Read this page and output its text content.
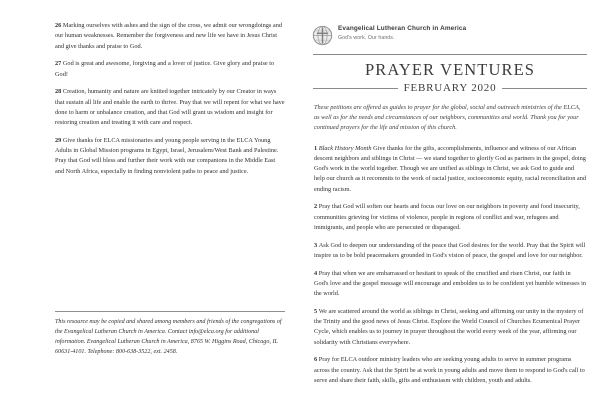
26 Marking ourselves with ashes and the sign of the cross, we admit our wrongdoings and our human weaknesses. Remember the forgiveness and new life we have in Jesus Christ and give thanks and praise to God.
27 God is great and awesome, forgiving and a lover of justice. Give glory and praise to God!
28 Creation, humanity and nature are knitted together intricately by our Creator in ways that sustain all life and enable the earth to thrive. Pray that we will repent for what we have done to harm or unbalance creation, and that God will grant us wisdom and insight for restoring creation and treating it with care and respect.
29 Give thanks for ELCA missionaries and young people serving in the ELCA Young Adults in Global Mission programs in Egypt, Israel, Jerusalem/West Bank and Palestine. Pray that God will bless and further their work with our companions in the Middle East and North Africa, especially in finding nonviolent paths to peace and justice.
This resource may be copied and shared among members and friends of the congregations of the Evangelical Lutheran Church in America. Contact info@elca.org for additional information. Evangelical Lutheran Church in America, 8765 W. Higgins Road, Chicago, IL 60631-4101. Telephone: 800-638-3522, ext. 2458.
Evangelical Lutheran Church in America
God's work. Our hands.
PRAYER VENTURES
FEBRUARY 2020
These petitions are offered as guides to prayer for the global, social and outreach ministries of the ELCA, as well as for the needs and circumstances of our neighbors, communities and world. Thank you for your continued prayers for the life and mission of this church.
1 Black History Month Give thanks for the gifts, accomplishments, influence and witness of our African descent neighbors and siblings in Christ — we stand together to glorify God as partners in the gospel, doing God's work in the world together. Though we are unified as siblings in Christ, we ask God to guide and help our church as it recommits to the work of racial justice, socioeconomic equity, racial reconciliation and ending racism.
2 Pray that God will soften our hearts and focus our love on our neighbors in poverty and food insecurity, communities grieving for victims of violence, people in regions of conflict and war, refugees and immigrants, and people who are persecuted or disparaged.
3 Ask God to deepen our understanding of the peace that God desires for the world. Pray that the Spirit will inspire us to be bold peacemakers grounded in God's vision of peace, the gospel and love for our neighbor.
4 Pray that when we are embarrassed or hesitant to speak of the crucified and risen Christ, our faith in God's love and the gospel message will encourage and embolden us to be confident yet humble witnesses in the world.
5 We are scattered around the world as siblings in Christ, seeking and affirming our unity in the mystery of the Trinity and the good news of Jesus Christ. Explore the World Council of Churches Ecumenical Prayer Cycle, which enables us to journey in prayer throughout the world every week of the year, affirming our solidarity with Christians everywhere.
6 Pray for ELCA outdoor ministry leaders who are seeking young adults to serve in summer programs across the country. Ask that the Spirit be at work in young adults and move them to respond to God's call to serve and share their faith, skills, gifts and enthusiasm with children, youth and adults.
